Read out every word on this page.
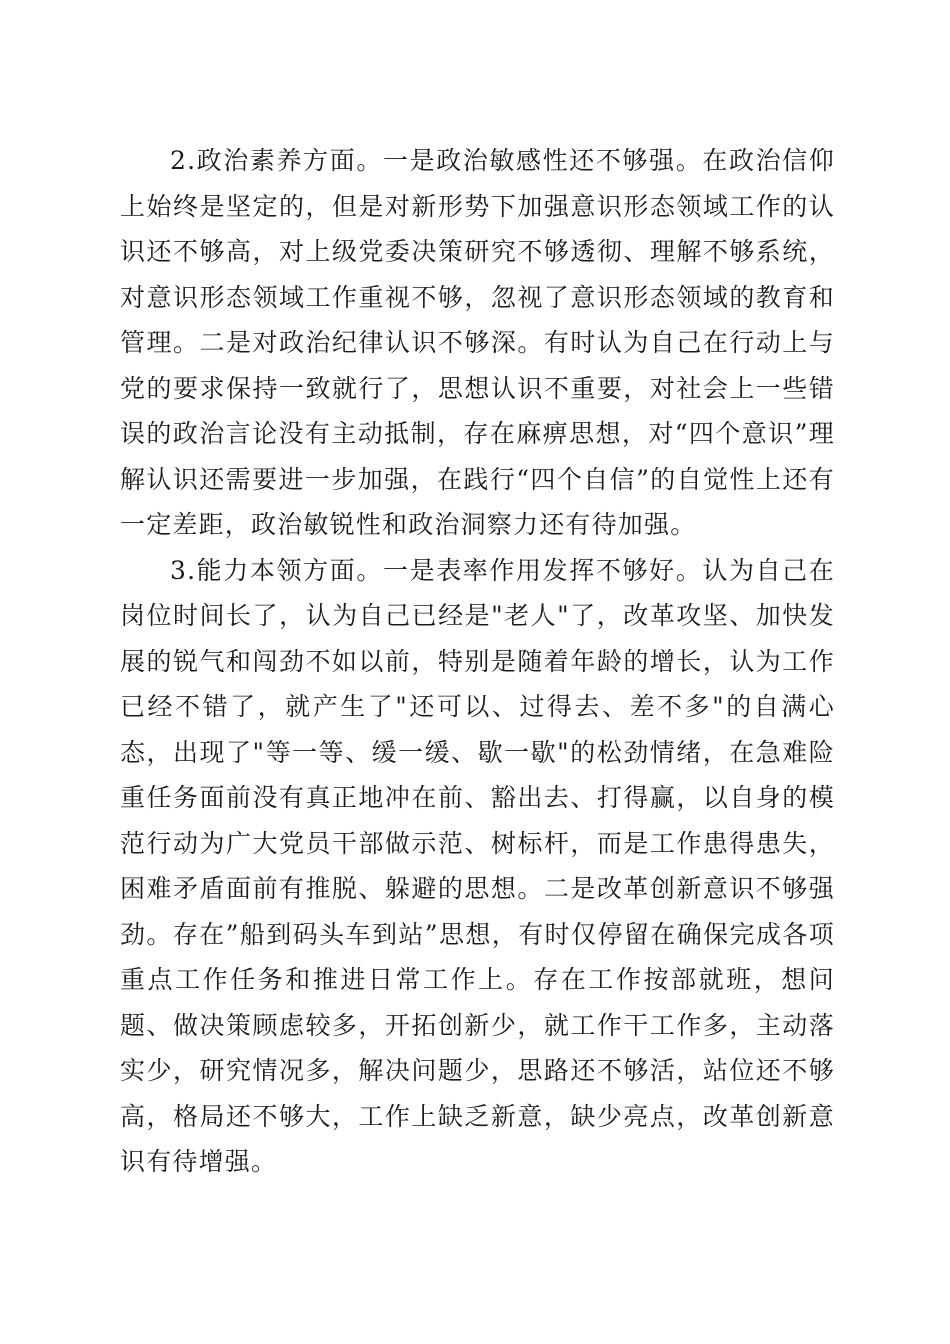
2.政治素养方面。一是政治敏感性还不够强。在政治信仰上始终是坚定的，但是对新形势下加强意识形态领域工作的认识还不够高，对上级党委决策研究不够透彻、理解不够系统，对意识形态领域工作重视不够，忽视了意识形态领域的教育和管理。二是对政治纪律认识不够深。有时认为自己在行动上与党的要求保持一致就行了，思想认识不重要，对社会上一些错误的政治言论没有主动抵制，存在麻痹思想，对“四个意识”理解认识还需要进一步加强，在践行“四个自信”的自觉性上还有一定差距，政治敏锐性和政治洞察力还有待加强。

3.能力本领方面。一是表率作用发挥不够好。认为自己在岗位时间长了，认为自己已经是"老人"了，改革攻坚、加快发展的锐气和闯劲不如以前，特别是随着年龄的增长，认为工作已经不错了，就产生了"还可以、过得去、差不多"的自满心态，出现了"等一等、缓一缓、歇一歇"的松劲情绪，在急难险重任务面前没有真正地冲在前、豁出去、打得赢，以自身的模范行动为广大党员干部做示范、树标杆，而是工作患得患失，困难矛盾面前有推脱、躲避的思想。二是改革创新意识不够强劲。存在”船到码头车到站”思想，有时仅停留在确保完成各项重点工作任务和推进日常工作上。存在工作按部就班，想问题、做决策顾虑较多，开拓创新少，就工作干工作多，主动落实少，研究情况多，解决问题少，思路还不够活，站位还不够高，格局还不够大，工作上缺乏新意，缺少亮点，改革创新意识有待增强。
